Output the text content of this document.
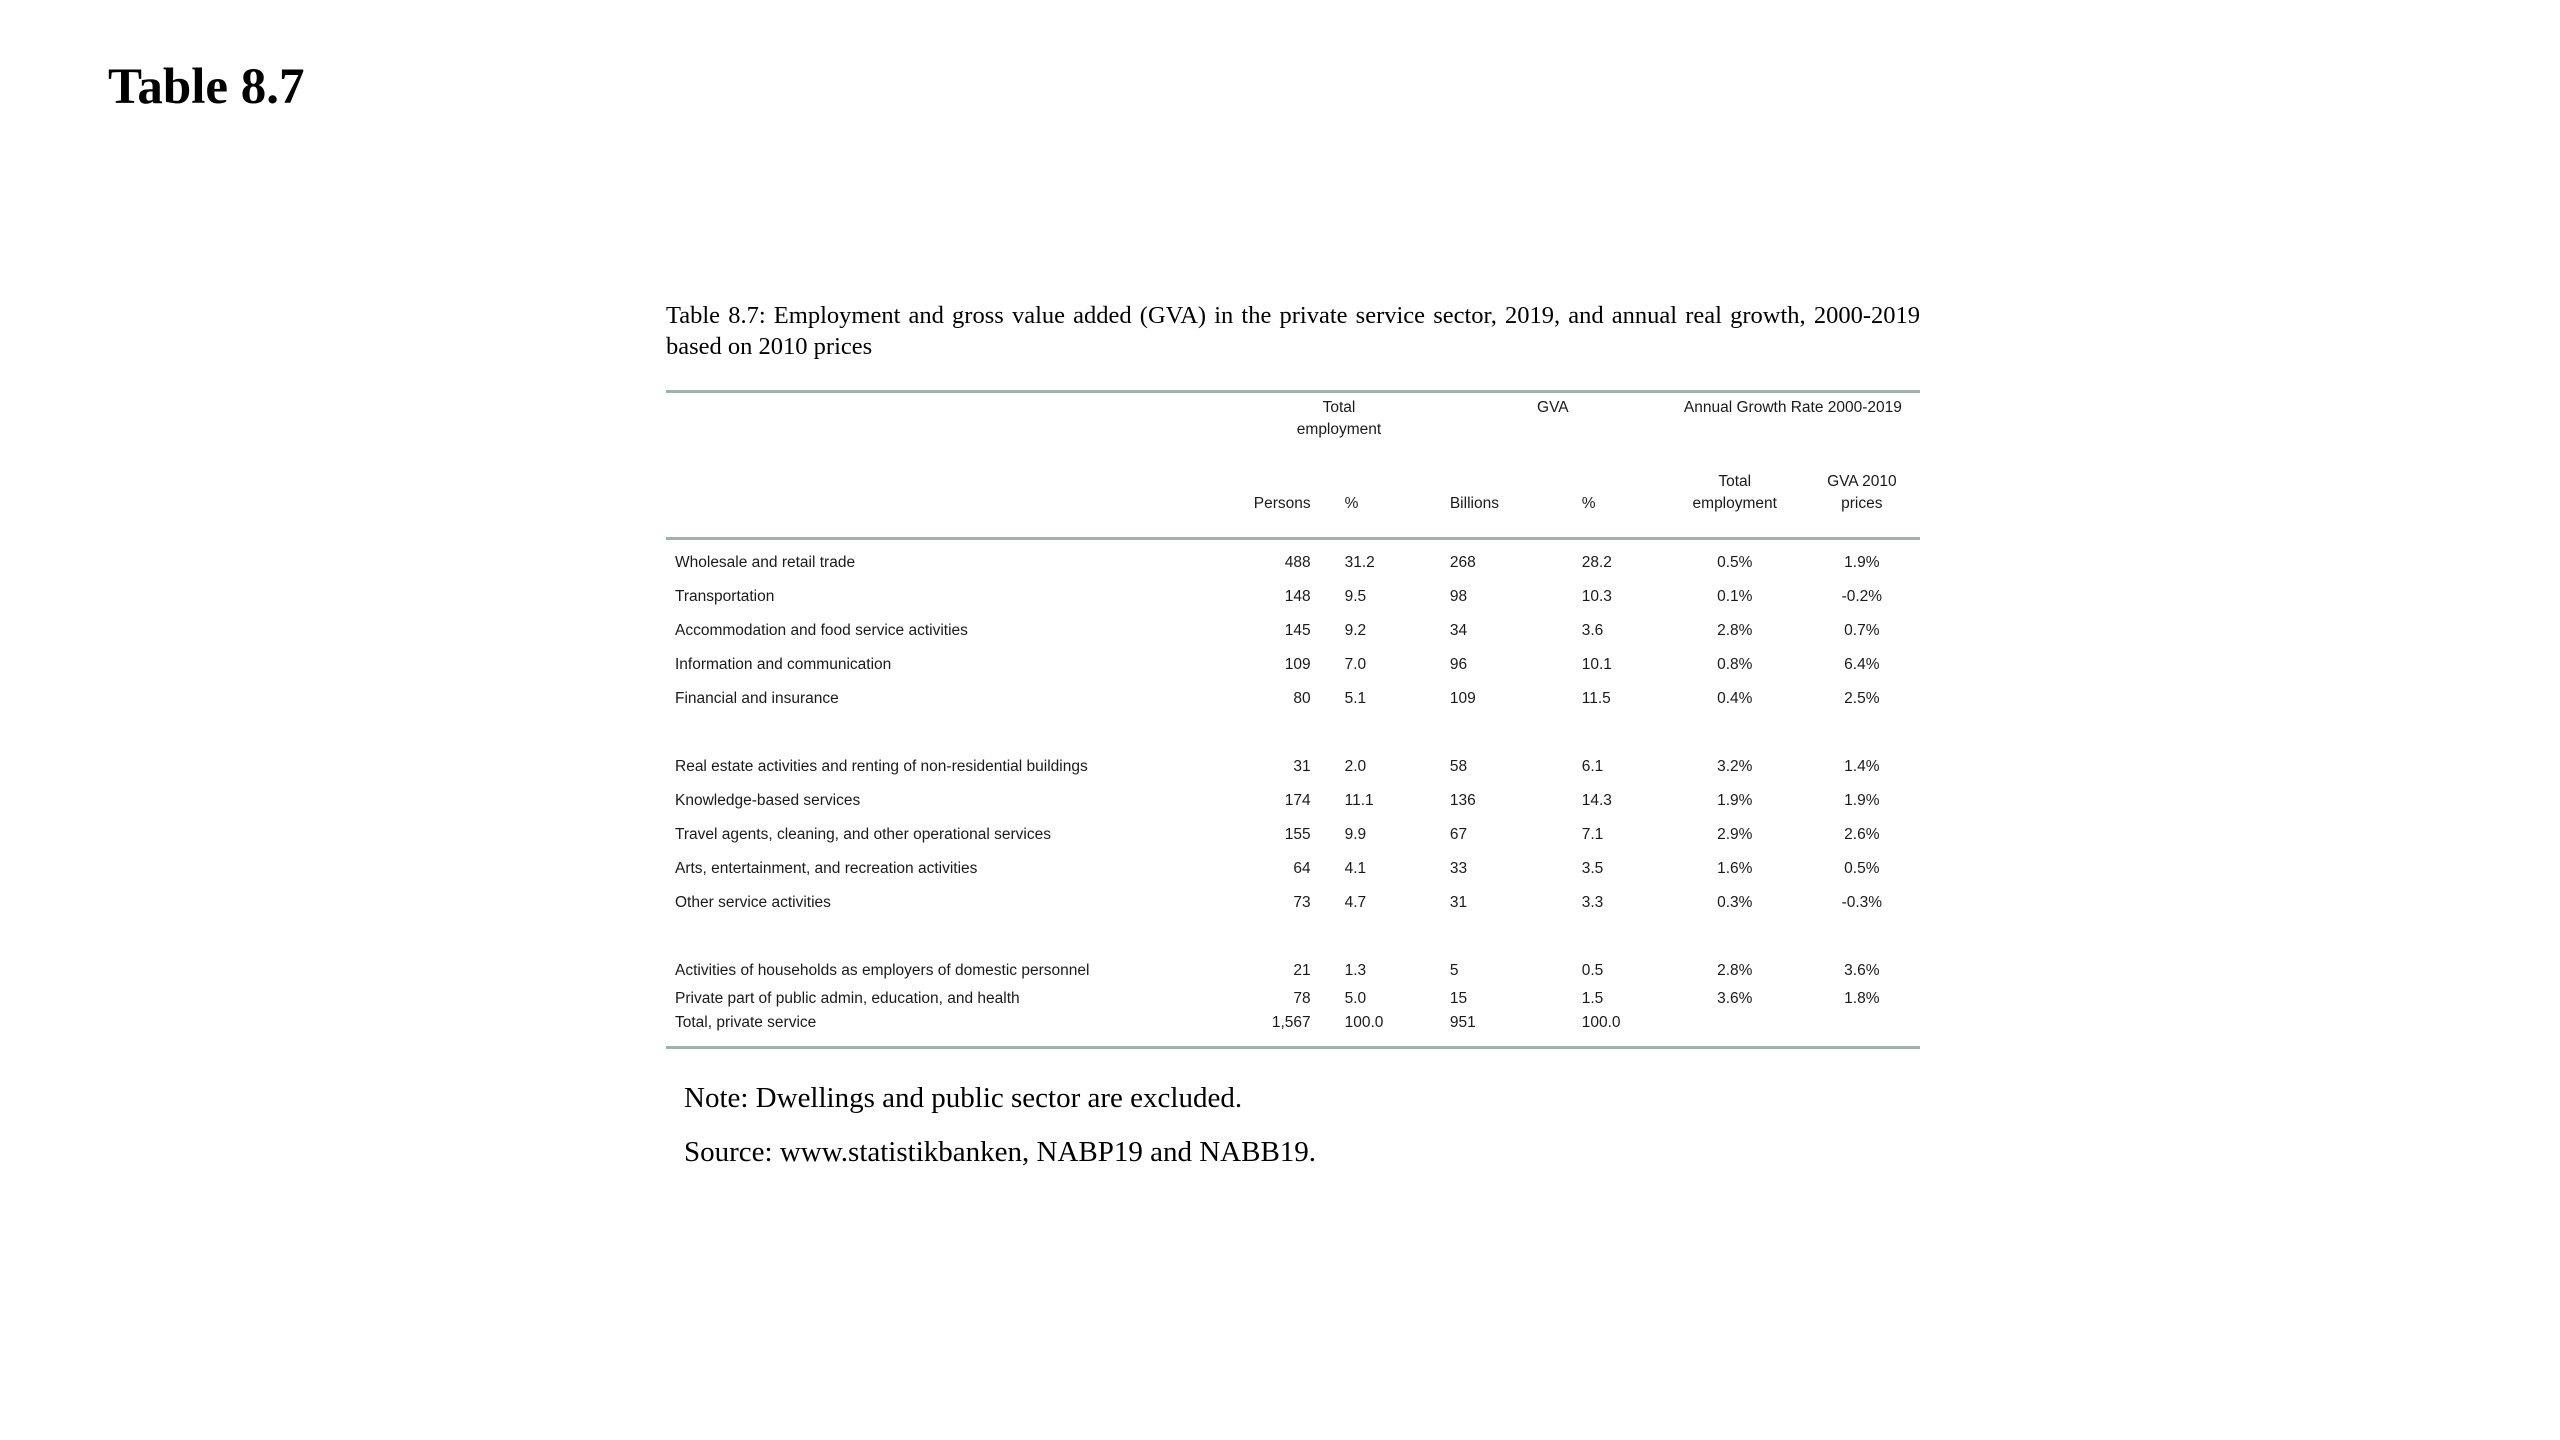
Table 8.7

Table 8.7: Employment and gross value added (GVA) in the private service sector, 2019, and annual real growth, 2000-2019 based on 2010 prices

	Total employment		GVA		Annual Growth Rate 2000-2019	
	Persons	%	Billions	%	Total employment	GVA 2010 prices

Wholesale and retail trade	488	31.2	268	28.2	0.5%	1.9%
Transportation	148	9.5	98	10.3	0.1%	-0.2%
Accommodation and food service activities	145	9.2	34	3.6	2.8%	0.7%
Information and communication	109	7.0	96	10.1	0.8%	6.4%
Financial and insurance	80	5.1	109	11.5	0.4%	2.5%

Real estate activities and renting of non-residential buildings	31	2.0	58	6.1	3.2%	1.4%
Knowledge-based services	174	11.1	136	14.3	1.9%	1.9%
Travel agents, cleaning, and other operational services	155	9.9	67	7.1	2.9%	2.6%
Arts, entertainment, and recreation activities	64	4.1	33	3.5	1.6%	0.5%
Other service activities	73	4.7	31	3.3	0.3%	-0.3%

Activities of households as employers of domestic personnel	21	1.3	5	0.5	2.8%	3.6%
Private part of public admin, education, and health	78	5.0	15	1.5	3.6%	1.8%
Total, private service	1,567	100.0	951	100.0		

Note: Dwellings and public sector are excluded.

Source: www.statistikbanken, NABP19 and NABB19.
